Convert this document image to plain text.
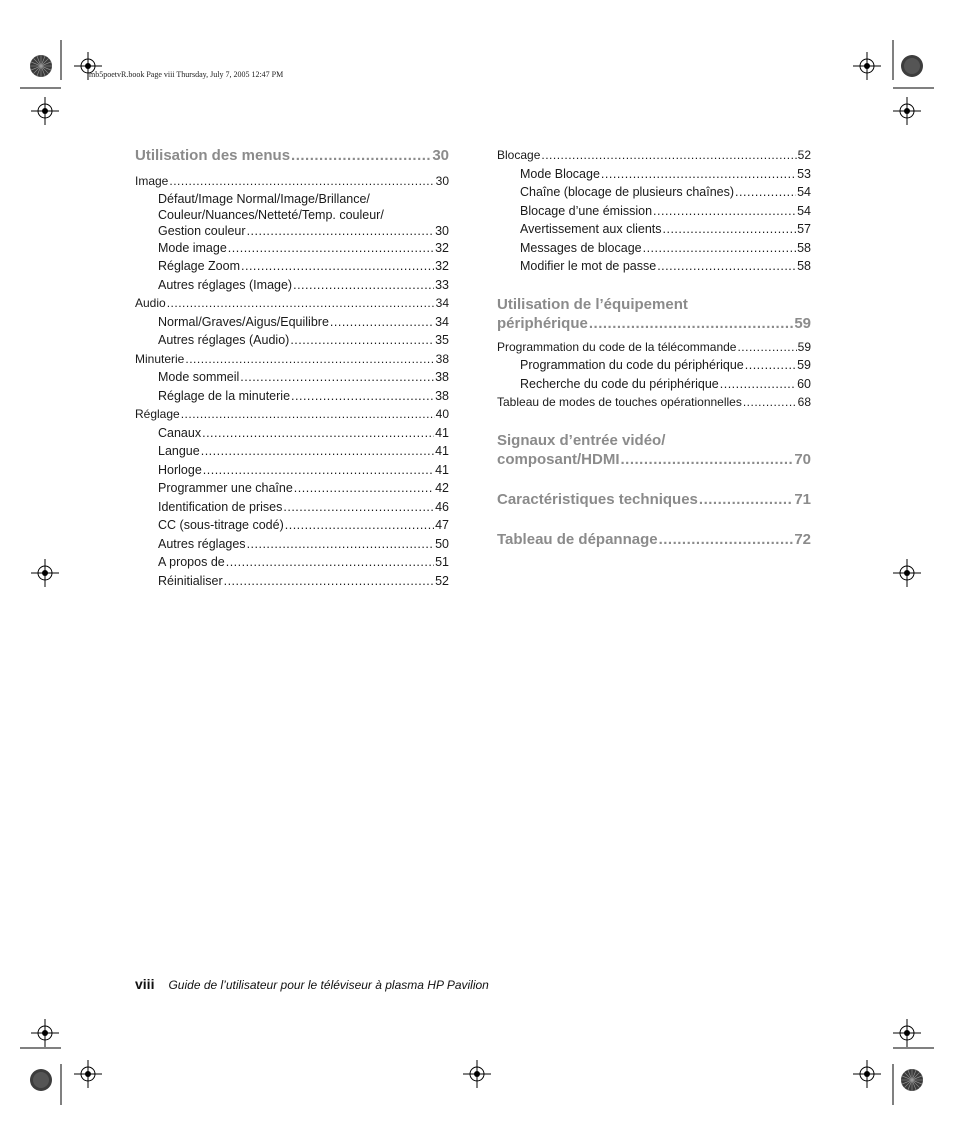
mb5poetvR.book Page viii Thursday, July 7, 2005 12:47 PM
Utilisation des menus .....	30
Image .....	30
Défaut/Image Normal/Image/Brillance/
Couleur/Nuances/Netteté/Temp. couleur/
Gestion couleur .....	30
Mode image .....	32
Réglage Zoom .....	32
Autres réglages (Image) .....	33
Audio .....	34
Normal/Graves/Aigus/Equilibre .....	34
Autres réglages (Audio) .....	35
Minuterie .....	38
Mode sommeil .....	38
Réglage de la minuterie .....	38
Réglage .....	40
Canaux .....	41
Langue .....	41
Horloge .....	41
Programmer une chaîne .....	42
Identification de prises .....	46
CC (sous-titrage codé) .....	47
Autres réglages .....	50
A propos de .....	51
Réinitialiser .....	52
Blocage .....	52
Mode Blocage .....	53
Chaîne (blocage de plusieurs chaînes) .....	54
Blocage d’une émission .....	54
Avertissement aux clients .....	57
Messages de blocage .....	58
Modifier le mot de passe .....	58
Utilisation de l’équipement
périphérique .....	59
Programmation du code de la télécommande .....	59
Programmation du code du périphérique .....	59
Recherche du code du périphérique .....	60
Tableau de modes de touches opérationnelles .....	68
Signaux d’entrée vidéo/
composant/HDMI .....	70
Caractéristiques techniques .....	71
Tableau de dépannage .....	72
viii Guide de l’utilisateur pour le téléviseur à plasma HP Pavilion
